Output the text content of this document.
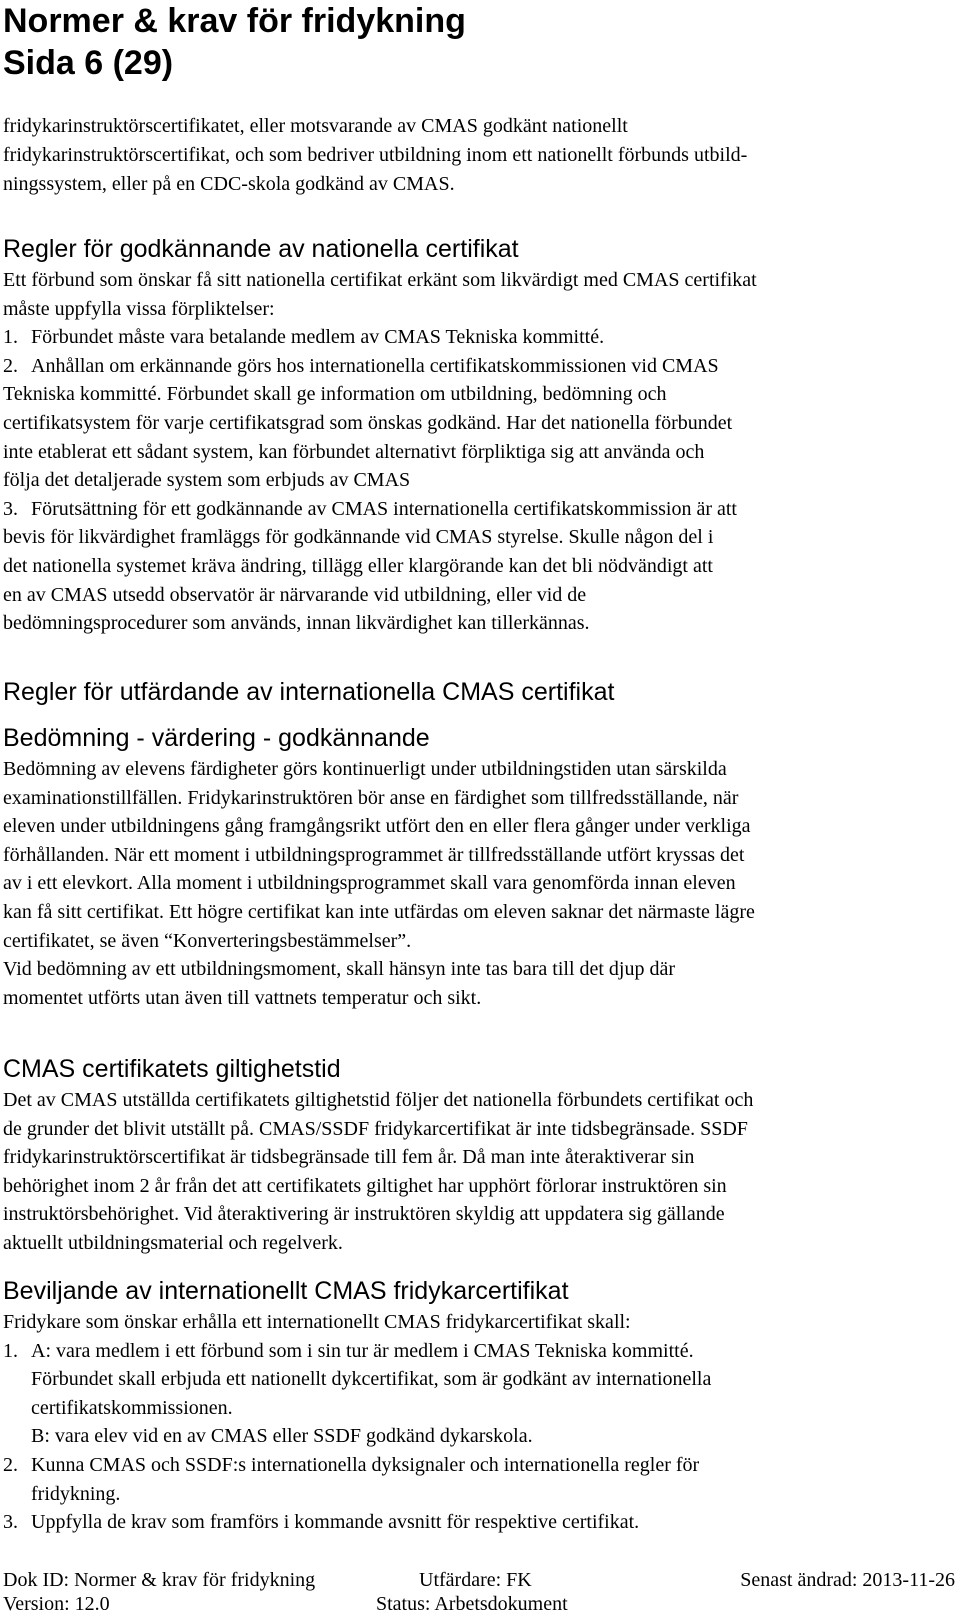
Normer & krav för fridykning
Sida 6 (29)
fridykarinstruktörscertifikatet, eller motsvarande av CMAS godkänt nationellt
fridykarinstruktörscertifikat, och som bedriver utbildning inom ett nationellt förbunds utbild-
ningssystem, eller på en CDC-skola godkänd av CMAS.
Regler för godkännande av nationella certifikat
Ett förbund som önskar få sitt nationella certifikat erkänt som likvärdigt med CMAS certifikat
måste uppfylla vissa förpliktelser:
1. Förbundet måste vara betalande medlem av CMAS Tekniska kommitté.
2. Anhållan om erkännande görs hos internationella certifikatskommissionen vid CMAS
Tekniska kommitté. Förbundet skall ge information om utbildning, bedömning och
certifikatsystem för varje certifikatsgrad som önskas godkänd. Har det nationella förbundet
inte etablerat ett sådant system, kan förbundet alternativt förpliktiga sig att använda och
följa det detaljerade system som erbjuds av CMAS
3. Förutsättning för ett godkännande av CMAS internationella certifikatskommission är att
bevis för likvärdighet framläggs för godkännande vid CMAS styrelse. Skulle någon del i
det nationella systemet kräva ändring, tillägg eller klargörande kan det bli nödvändigt att
en av CMAS utsedd observatör är närvarande vid utbildning, eller vid de
bedömningsprocedurer som används, innan likvärdighet kan tillerkännas.
Regler för utfärdande av internationella CMAS certifikat
Bedömning - värdering - godkännande
Bedömning av elevens färdigheter görs kontinuerligt under utbildningstiden utan särskilda
examinationstillfällen. Fridykarinstruktören bör anse en färdighet som tillfredsställande, när
eleven under utbildningens gång framgångsrikt utfört den en eller flera gånger under verkliga
förhållanden. När ett moment i utbildningsprogrammet är tillfredsställande utfört kryssas det
av i ett elevkort. Alla moment i utbildningsprogrammet skall vara genomförda innan eleven
kan få sitt certifikat. Ett högre certifikat kan inte utfärdas om eleven saknar det närmaste lägre
certifikatet, se även “Konverteringsbestämmelser”.
Vid bedömning av ett utbildningsmoment, skall hänsyn inte tas bara till det djup där
momentet utförts utan även till vattnets temperatur och sikt.
CMAS certifikatets giltighetstid
Det av CMAS utställda certifikatets giltighetstid följer det nationella förbundets certifikat och
de grunder det blivit utställt på. CMAS/SSDF fridykarcertifikat är inte tidsbegränsade. SSDF
fridykarinstruktörscertifikat är tidsbegränsade till fem år. Då man inte återaktiverar sin
behörighet inom 2 år från det att certifikatets giltighet har upphört förlorar instruktören sin
instruktörsbehörighet. Vid återaktivering är instruktören skyldig att uppdatera sig gällande
aktuellt utbildningsmaterial och regelverk.
Beviljande av internationellt CMAS fridykarcertifikat
Fridykare som önskar erhålla ett internationellt CMAS fridykarcertifikat skall:
1. A: vara medlem i ett förbund som i sin tur är medlem i CMAS Tekniska kommitté.
Förbundet skall erbjuda ett nationellt dykcertifikat, som är godkänt av internationella
certifikatskommissionen.
B: vara elev vid en av CMAS eller SSDF godkänd dykarskola.
2. Kunna CMAS och SSDF:s internationella dyksignaler och internationella regler för
fridykning.
3. Uppfylla de krav som framförs i kommande avsnitt för respektive certifikat.
Dok ID: Normer & krav för fridykning
Version: 12.0
Utfärdare: FK
Status: Arbetsdokument
Senast ändrad: 2013-11-26
